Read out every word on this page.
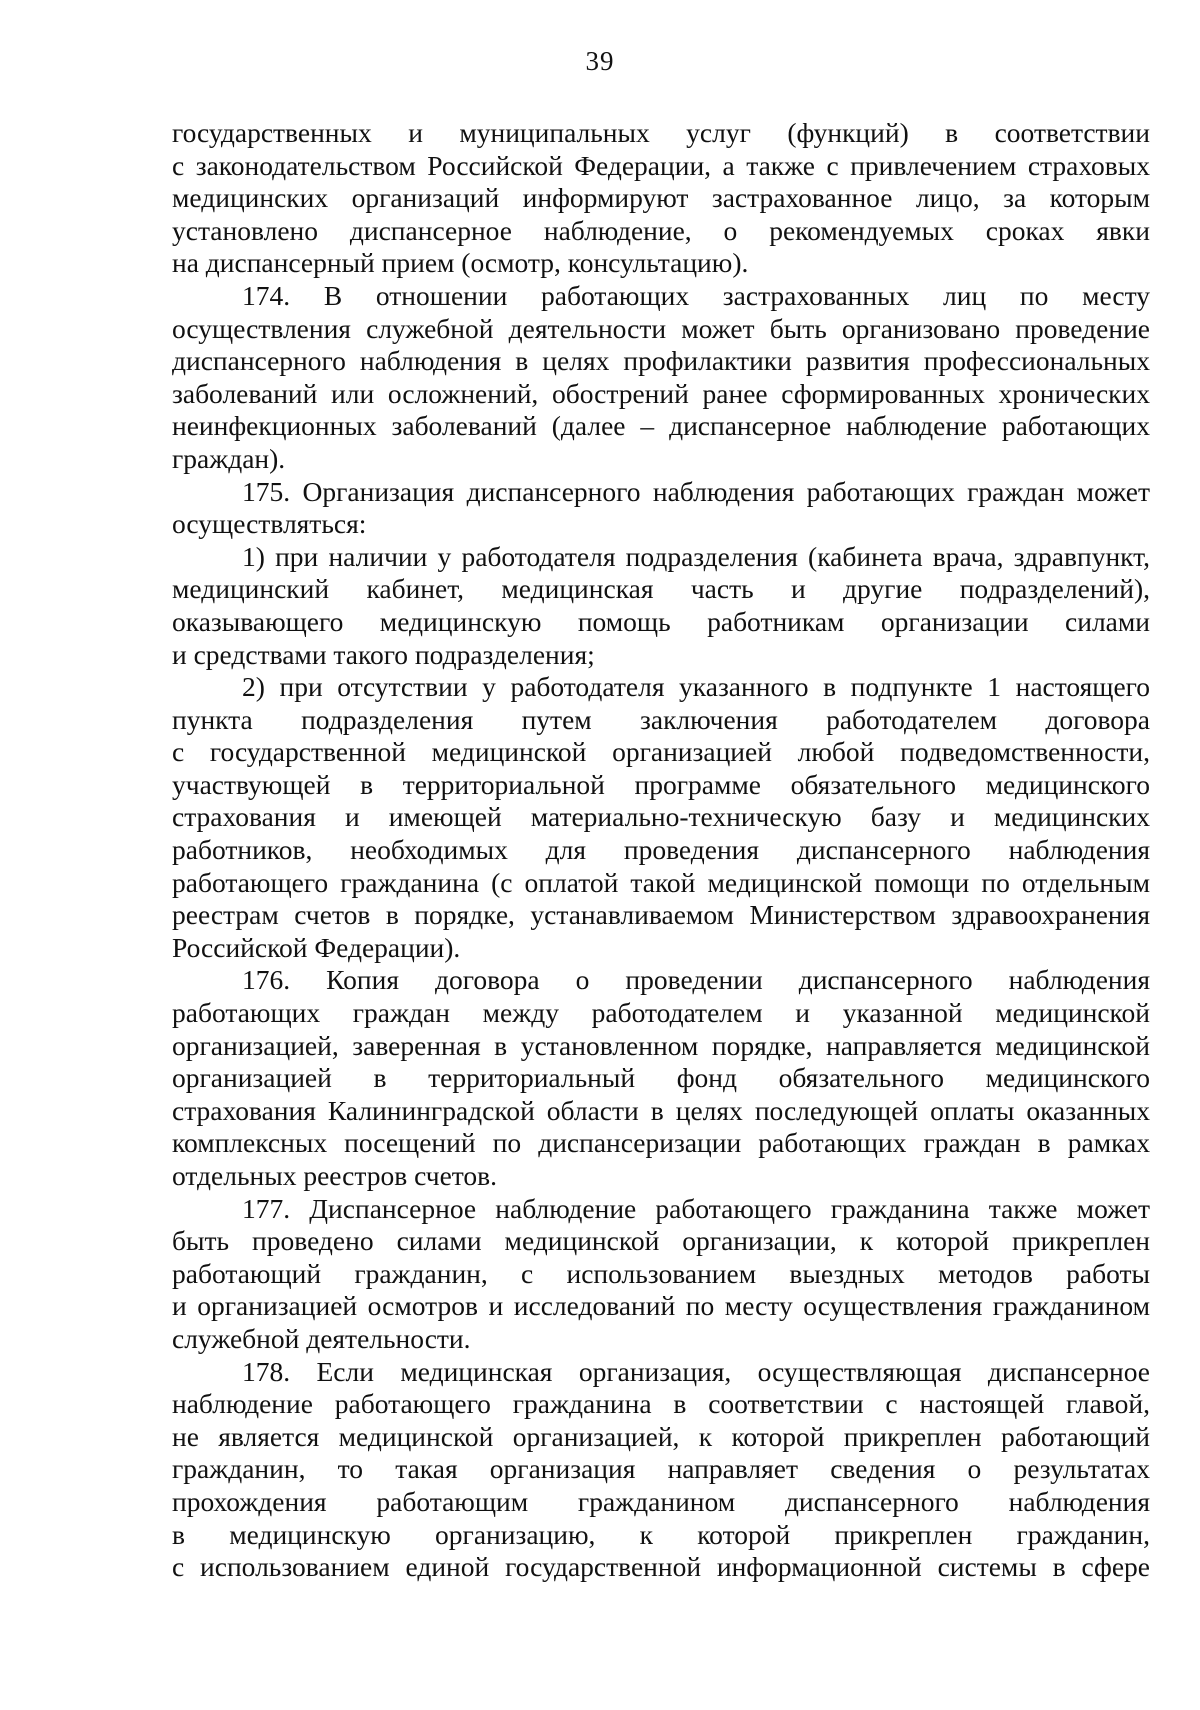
39
государственных и муниципальных услуг (функций) в соответствии
с законодательством Российской Федерации, а также с привлечением страховых
медицинских организаций информируют застрахованное лицо, за которым
установлено диспансерное наблюдение, о рекомендуемых сроках явки
на диспансерный прием (осмотр, консультацию).
174. В отношении работающих застрахованных лиц по месту
осуществления служебной деятельности может быть организовано проведение
диспансерного наблюдения в целях профилактики развития профессиональных
заболеваний или осложнений, обострений ранее сформированных хронических
неинфекционных заболеваний (далее – диспансерное наблюдение работающих
граждан).
175. Организация диспансерного наблюдения работающих граждан может
осуществляться:
1) при наличии у работодателя подразделения (кабинета врача, здравпункт,
медицинский кабинет, медицинская часть и другие подразделений),
оказывающего медицинскую помощь работникам организации силами
и средствами такого подразделения;
2) при отсутствии у работодателя указанного в подпункте 1 настоящего
пункта подразделения путем заключения работодателем договора
с государственной медицинской организацией любой подведомственности,
участвующей в территориальной программе обязательного медицинского
страхования и имеющей материально-техническую базу и медицинских
работников, необходимых для проведения диспансерного наблюдения
работающего гражданина (с оплатой такой медицинской помощи по отдельным
реестрам счетов в порядке, устанавливаемом Министерством здравоохранения
Российской Федерации).
176. Копия договора о проведении диспансерного наблюдения
работающих граждан между работодателем и указанной медицинской
организацией, заверенная в установленном порядке, направляется медицинской
организацией в территориальный фонд обязательного медицинского
страхования Калининградской области в целях последующей оплаты оказанных
комплексных посещений по диспансеризации работающих граждан в рамках
отдельных реестров счетов.
177. Диспансерное наблюдение работающего гражданина также может
быть проведено силами медицинской организации, к которой прикреплен
работающий гражданин, с использованием выездных методов работы
и организацией осмотров и исследований по месту осуществления гражданином
служебной деятельности.
178. Если медицинская организация, осуществляющая диспансерное
наблюдение работающего гражданина в соответствии с настоящей главой,
не является медицинской организацией, к которой прикреплен работающий
гражданин, то такая организация направляет сведения о результатах
прохождения работающим гражданином диспансерного наблюдения
в медицинскую организацию, к которой прикреплен гражданин,
с использованием единой государственной информационной системы в сфере
